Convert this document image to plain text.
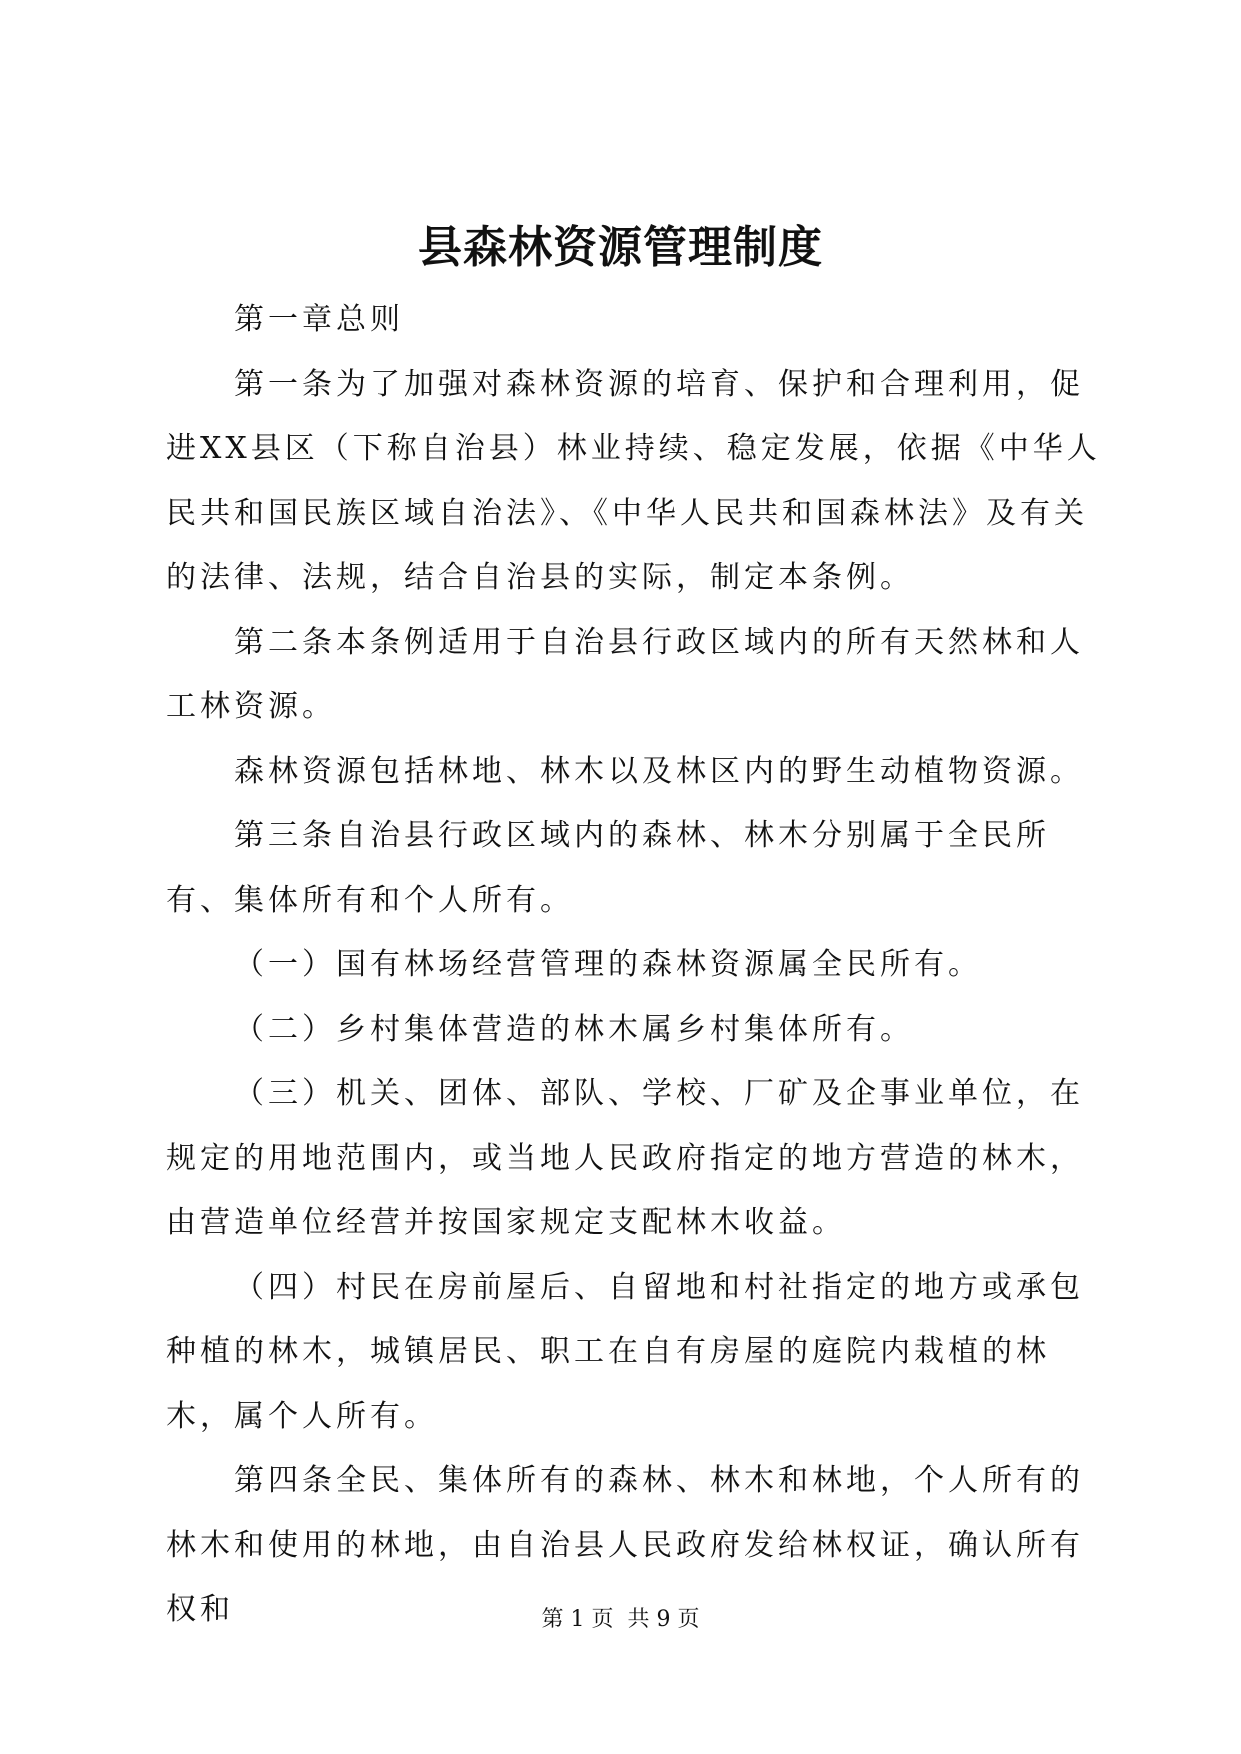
县森林资源管理制度

第一章总则

第一条为了加强对森林资源的培育、保护和合理利用，促进XX县区（下称自治县）林业持续、稳定发展，依据《中华人民共和国民族区域自治法》、《中华人民共和国森林法》及有关的法律、法规，结合自治县的实际，制定本条例。

第二条本条例适用于自治县行政区域内的所有天然林和人工林资源。

森林资源包括林地、林木以及林区内的野生动植物资源。

第三条自治县行政区域内的森林、林木分别属于全民所有、集体所有和个人所有。

（一）国有林场经营管理的森林资源属全民所有。

（二）乡村集体营造的林木属乡村集体所有。

（三）机关、团体、部队、学校、厂矿及企事业单位，在规定的用地范围内，或当地人民政府指定的地方营造的林木，由营造单位经营并按国家规定支配林木收益。

（四）村民在房前屋后、自留地和村社指定的地方或承包种植的林木，城镇居民、职工在自有房屋的庭院内栽植的林木，属个人所有。

第四条全民、集体所有的森林、林木和林地，个人所有的林木和使用的林地，由自治县人民政府发给林权证，确认所有权和	第 1 页 共 9 页
